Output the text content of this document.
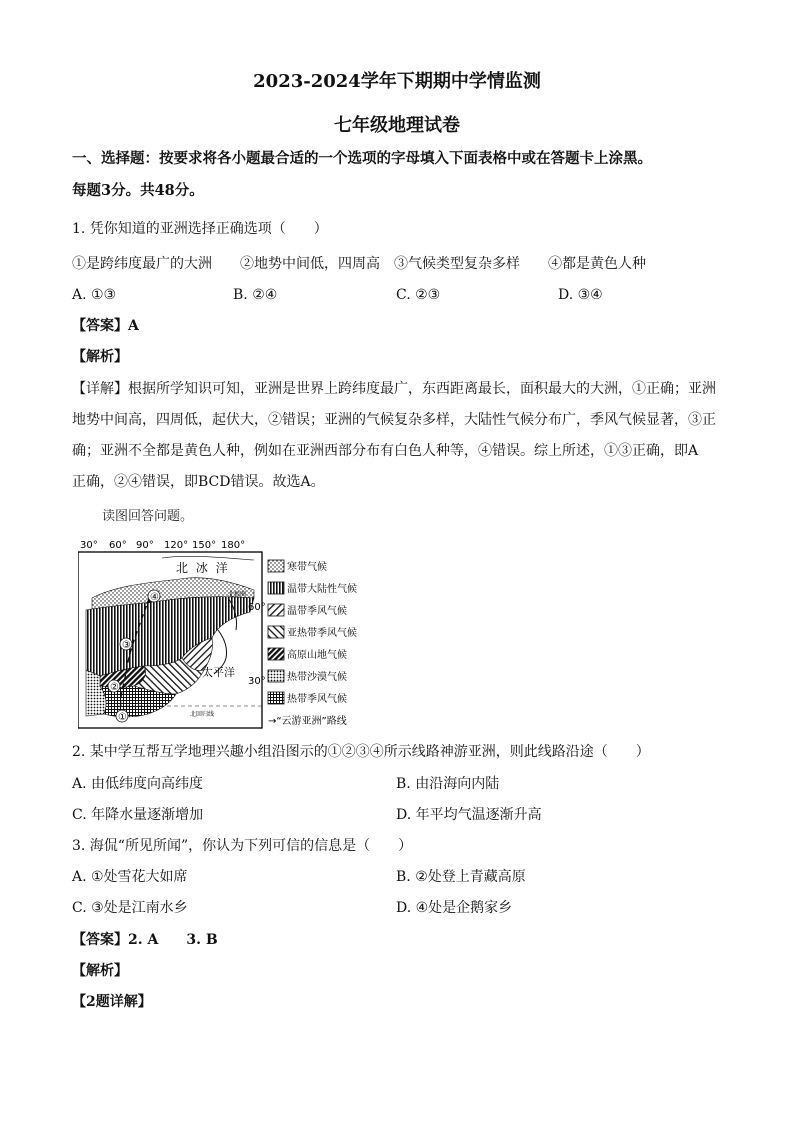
2023-2024学年下期期中学情监测
七年级地理试卷
一、选择题：按要求将各小题最合适的一个选项的字母填入下面表格中或在答题卡上涂黑。
每题3分。共48分。
1. 凭你知道的亚洲选择正确选项（　　）
①是跨纬度最广的大洲　　②地势中间低，四周高　③气候类型复杂多样　　④都是黄色人种
A. ①③	B. ②④	C. ②③	D. ③④
【答案】A
【解析】
【详解】根据所学知识可知，亚洲是世界上跨纬度最广，东西距离最长，面积最大的大洲，①正确；亚洲
地势中间高，四周低，起伏大，②错误；亚洲的气候复杂多样，大陆性气候分布广，季风气候显著，③正
确；亚洲不全都是黄色人种，例如在亚洲西部分布有白色人种等，④错误。综上所述，①③正确，即A
正确，②④错误，即BCD错误。故选A。
读图回答问题。
30° 60° 90° 120° 150° 180°
北 冰 洋
60°
30°
北极圈
太平洋
北回归线
①
②
③
④
寒带气候
温带大陆性气候
温带季风气候
亚热带季风气候
高原山地气候
热带沙漠气候
热带季风气候
→“云游亚洲”路线
2. 某中学互帮互学地理兴趣小组沿图示的①②③④所示线路神游亚洲，则此线路沿途（　　）
A. 由低纬度向高纬度	B. 由沿海向内陆
C. 年降水量逐渐增加	D. 年平均气温逐渐升高
3. 海侃“所见所闻”，你认为下列可信的信息是（　　）
A. ①处雪花大如席	B. ②处登上青藏高原
C. ③处是江南水乡	D. ④处是企鹅家乡
【答案】2. A　　3. B
【解析】
【2题详解】
